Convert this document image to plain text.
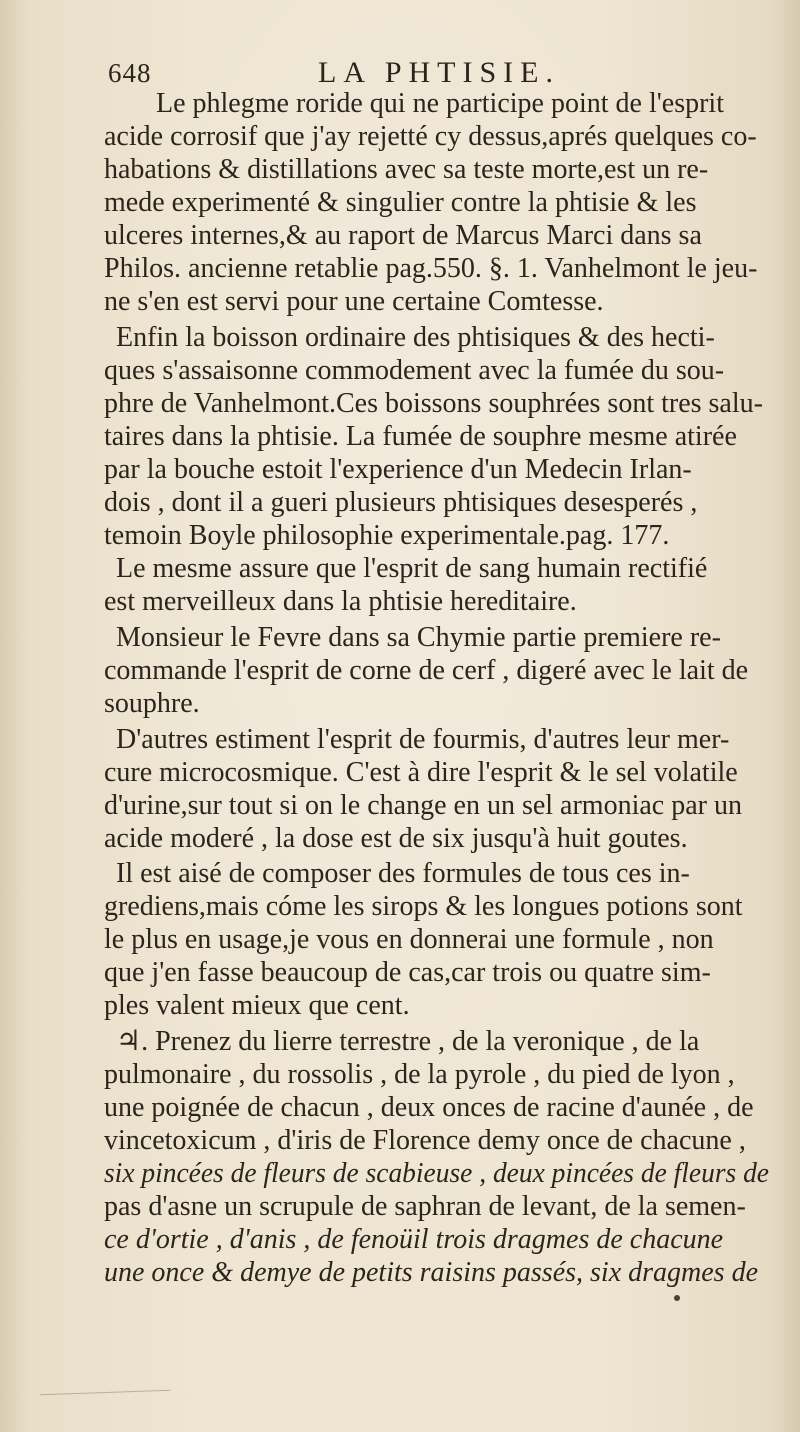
648	LA PHTISIE.
Le phlegme roride qui ne participe point de l'esprit
acide corrosif que j'ay rejetté cy dessus,aprés quelques co-
habations & distillations avec sa teste morte,est un re-
mede experimenté & singulier contre la phtisie & les
ulceres internes,& au raport de Marcus Marci dans sa
Philos. ancienne retablie pag.550. §. 1. Vanhelmont le jeu-
ne s'en est servi pour une certaine Comtesse.
Enfin la boisson ordinaire des phtisiques & des hecti-
ques s'assaisonne commodement avec la fumée du sou-
phre de Vanhelmont.Ces boissons souphrées sont tres salu-
taires dans la phtisie. La fumée de souphre mesme atirée
par la bouche estoit l'experience d'un Medecin Irlan-
dois , dont il a gueri plusieurs phtisiques desesperés ,
temoin Boyle philosophie experimentale.pag. 177.
Le mesme assure que l'esprit de sang humain rectifié
est merveilleux dans la phtisie hereditaire.
Monsieur le Fevre dans sa Chymie partie premiere re-
commande l'esprit de corne de cerf , digeré avec le lait de
souphre.
D'autres estiment l'esprit de fourmis, d'autres leur mer-
cure microcosmique. C'est à dire l'esprit & le sel volatile
d'urine,sur tout si on le change en un sel armoniac par un
acide moderé , la dose est de six jusqu'à huit goutes.
Il est aisé de composer des formules de tous ces in-
grediens,mais cóme les sirops & les longues potions sont
le plus en usage,je vous en donnerai une formule , non
que j'en fasse beaucoup de cas,car trois ou quatre sim-
ples valent mieux que cent.
♃. Prenez du lierre terrestre , de la veronique , de la
pulmonaire , du rossolis , de la pyrole , du pied de lyon ,
une poignée de chacun , deux onces de racine d'aunée , de
vincetoxicum , d'iris de Florence demy once de chacune ,
six pincées de fleurs de scabieuse , deux pincées de fleurs de
pas d'asne un scrupule de saphran de levant, de la semen-
ce d'ortie , d'anis , de fenoüil trois dragmes de chacune
une once & demye de petits raisins passés, six dragmes de
